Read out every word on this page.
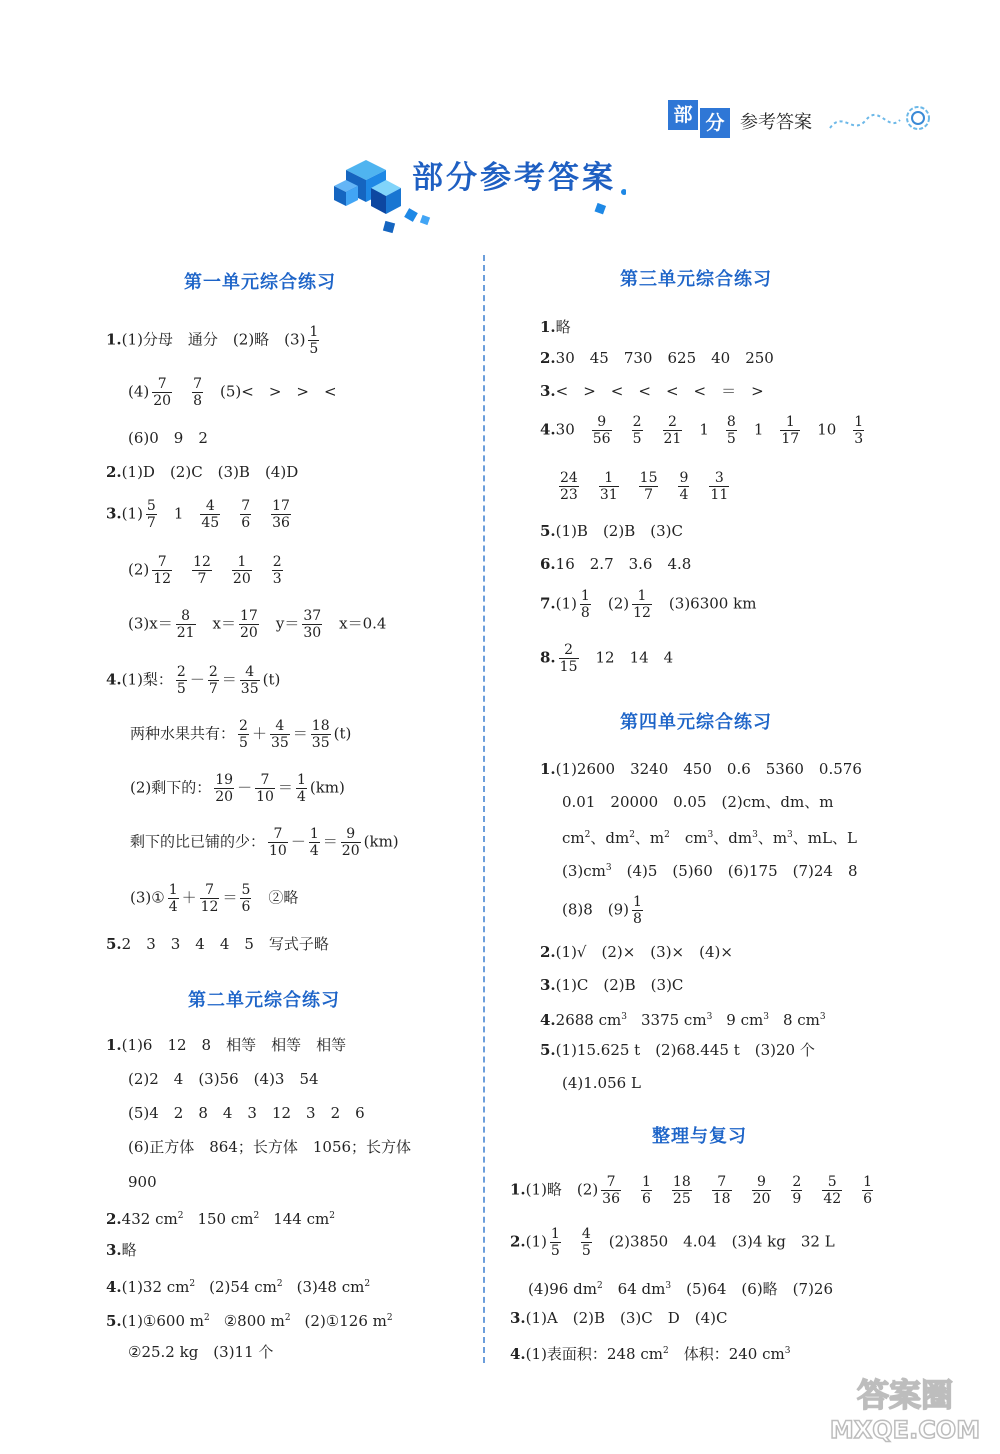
部 分 参考答案
部分参考答案
第一单元综合练习
1.(1)分母　通分　(2)略　$(3) \frac{1}{5}$
$(4) \frac{7}{20} \frac{7}{8} (5)<$　>　>　<
(6)0　9　2
2.(1)D　(2)C　(3)B　(4)D
$3.(1) \frac{5}{7} 1 \frac{4}{45} \frac{7}{6} \frac{17}{36}$
$(2) \frac{7}{12} \frac{12}{7} \frac{1}{20} \frac{2}{3}$
$(3)x= \frac{8}{21} x= \frac{17}{20} y= \frac{37}{30} x=0.4$
4.(1)梨： $\frac{2}{5} - \frac{2}{7} = \frac{4}{35} (t)$
两种水果共有： $\frac{2}{5} + \frac{4}{35} = \frac{18}{35} (t)$
(2)剩下的： $\frac{19}{20} - \frac{7}{10} = \frac{1}{4} (km)$
剩下的比已铺的少： $\frac{7}{10} - \frac{1}{4} = \frac{9}{20} (km)$
(3)① $\frac{1}{4} + \frac{7}{12} = \frac{5}{6}$ ②略
5.2　3　3　4　4　5　写式子略
第二单元综合练习
1.(1)6　12　8　相等　相等　相等
(2)2　4　(3)56　(4)3　54
(5)4　2　8　4　3　12　3　2　6
(6)正方体　864；长方体　1056；长方体
900
2.432 $cm^2$ 150 $cm^2$ 144 $cm^2$
3.略
4.(1)32 $cm^2$ (2)54 $cm^2$ (3)48 $cm^2$
5.(1)①600 $m^2$ ②800 $m^2$ (2)①126 $m^2$
②25.2 kg　(3)11 个
第三单元综合练习
1.略
2.30　45　730　625　40　250
3.<　>　<　<　<　<　＝　>
$4.30 \frac{9}{56} \frac{2}{5} \frac{2}{21} 1 \frac{8}{5} 1 \frac{1}{17} 10 \frac{1}{3}$
$\frac{24}{23} \frac{1}{31} \frac{15}{7} \frac{9}{4} \frac{3}{11}$
5.(1)B　(2)B　(3)C
6.16　2.7　3.6　4.8
$7.(1) \frac{1}{8} (2) \frac{1}{12} (3)6300$ km
8. $\frac{2}{15} 12$　14　4
第四单元综合练习
1.(1)2600　3240　450　0.6　5360　0.576
0.01　20000　0.05　(2)cm、dm、m
$cm^2$、$dm^2$、$m^2$　$cm^3$、$dm^3$、$m^3$、mL、L
$(3)cm^3$　(4)5　(5)60　(6)175　(7)24　8
(8)8　$(9) \frac{1}{8}$
2.(1)√　(2)×　(3)×　(4)×
3.(1)C　(2)B　(3)C
4.2688 $cm^3$ 3375 $cm^3$ 9 $cm^3$ 8 $cm^3$
5.(1)15.625 t　(2)68.445 t　(3)20 个
(4)1.056 L
整理与复习
1.(1)略　$(2) \frac{7}{36} \frac{1}{6} \frac{18}{25} \frac{7}{18} \frac{9}{20} \frac{2}{9} \frac{5}{42} \frac{1}{6}$
$2.(1) \frac{1}{5} \frac{4}{5} (2)3850$　4.04　(3)4 kg　32 L
(4)96 $dm^2$　64 $dm^3$　(5)64　(6)略　(7)26
3.(1)A　(2)B　(3)C　D　(4)C
4.(1)表面积：248 $cm^2$　体积：240 $cm^3$
答案圈
MXQE.COM
